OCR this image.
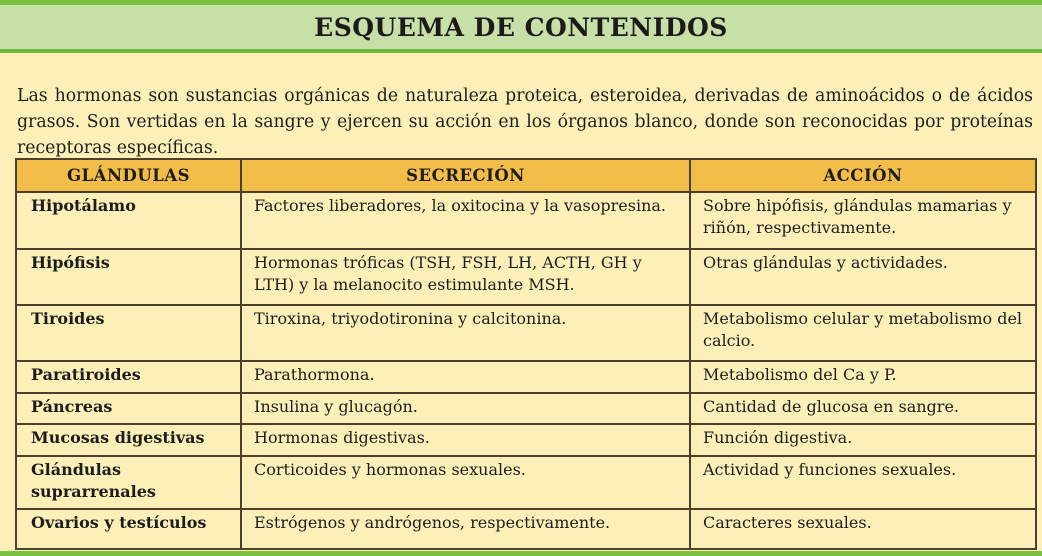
ESQUEMA DE CONTENIDOS

Las hormonas son sustancias orgánicas de naturaleza proteica, esteroidea, derivadas de aminoácidos o de ácidos grasos. Son vertidas en la sangre y ejercen su acción en los órganos blanco, donde son reconocidas por proteínas receptoras específicas.

GLÁNDULAS	SECRECIÓN	ACCIÓN
Hipotálamo	Factores liberadores, la oxitocina y la vasopresina.	Sobre hipófisis, glándulas mamarias y riñón, respectivamente.
Hipófisis	Hormonas tróficas (TSH, FSH, LH, ACTH, GH y LTH) y la melanocito estimulante MSH.	Otras glándulas y actividades.
Tiroides	Tiroxina, triyodotironina y calcitonina.	Metabolismo celular y metabolismo del calcio.
Paratiroides	Parathormona.	Metabolismo del Ca y P.
Páncreas	Insulina y glucagón.	Cantidad de glucosa en sangre.
Mucosas digestivas	Hormonas digestivas.	Función digestiva.
Glándulas suprarrenales	Corticoides y hormonas sexuales.	Actividad y funciones sexuales.
Ovarios y testículos	Estrógenos y andrógenos, respectivamente.	Caracteres sexuales.
